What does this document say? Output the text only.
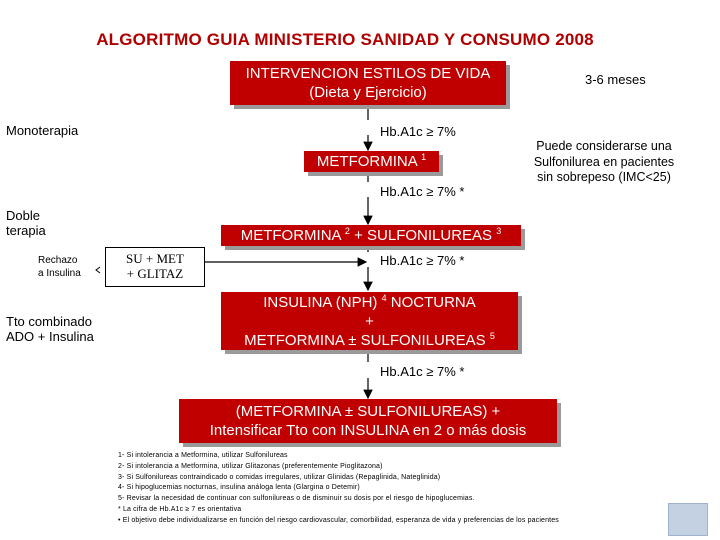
ALGORITMO GUIA MINISTERIO SANIDAD Y CONSUMO 2008
INTERVENCION ESTILOS DE VIDA
(Dieta y Ejercicio)
3-6 meses
Monoterapia	Hb.A1c ≥ 7%
METFORMINA $^1$
Puede considerarse una
Sulfonilurea en pacientes
sin sobrepeso (IMC<25)
Hb.A1c ≥ 7% *
Doble
terapia	METFORMINA $^2$ + SULFONILUREAS $^3$
Rechazo
a Insulina
SU + MET
+ GLITAZ
Hb.A1c ≥ 7% *
Tto combinado
ADO + Insulina
INSULINA (NPH) $^4$ NOCTURNA
+
METFORMINA ± SULFONILUREAS $^5$
Hb.A1c ≥ 7% *
(METFORMINA ± SULFONILUREAS) +
Intensificar Tto con INSULINA en 2 o más dosis
1- Si intolerancia a Metformina, utilizar Sulfonilureas
2- Si intolerancia a Metformina, utilizar Glitazonas (preferentemente Pioglitazona)
3- Si Sulfonilureas contraindicado o comidas irregulares, utilizar Glinidas (Repaglinida, Nateglinida)
4- Si hipoglucemias nocturnas, insulina análoga lenta (Glargina o Detemir)
5- Revisar la necesidad de continuar con sulfonilureas o de disminuir su dosis por el riesgo de hipoglucemias.
* La cifra de Hb.A1c ≥ 7 es orientativa
• El objetivo debe individualizarse en función del riesgo cardiovascular, comorbilidad, esperanza de vida y preferencias de los pacientes
